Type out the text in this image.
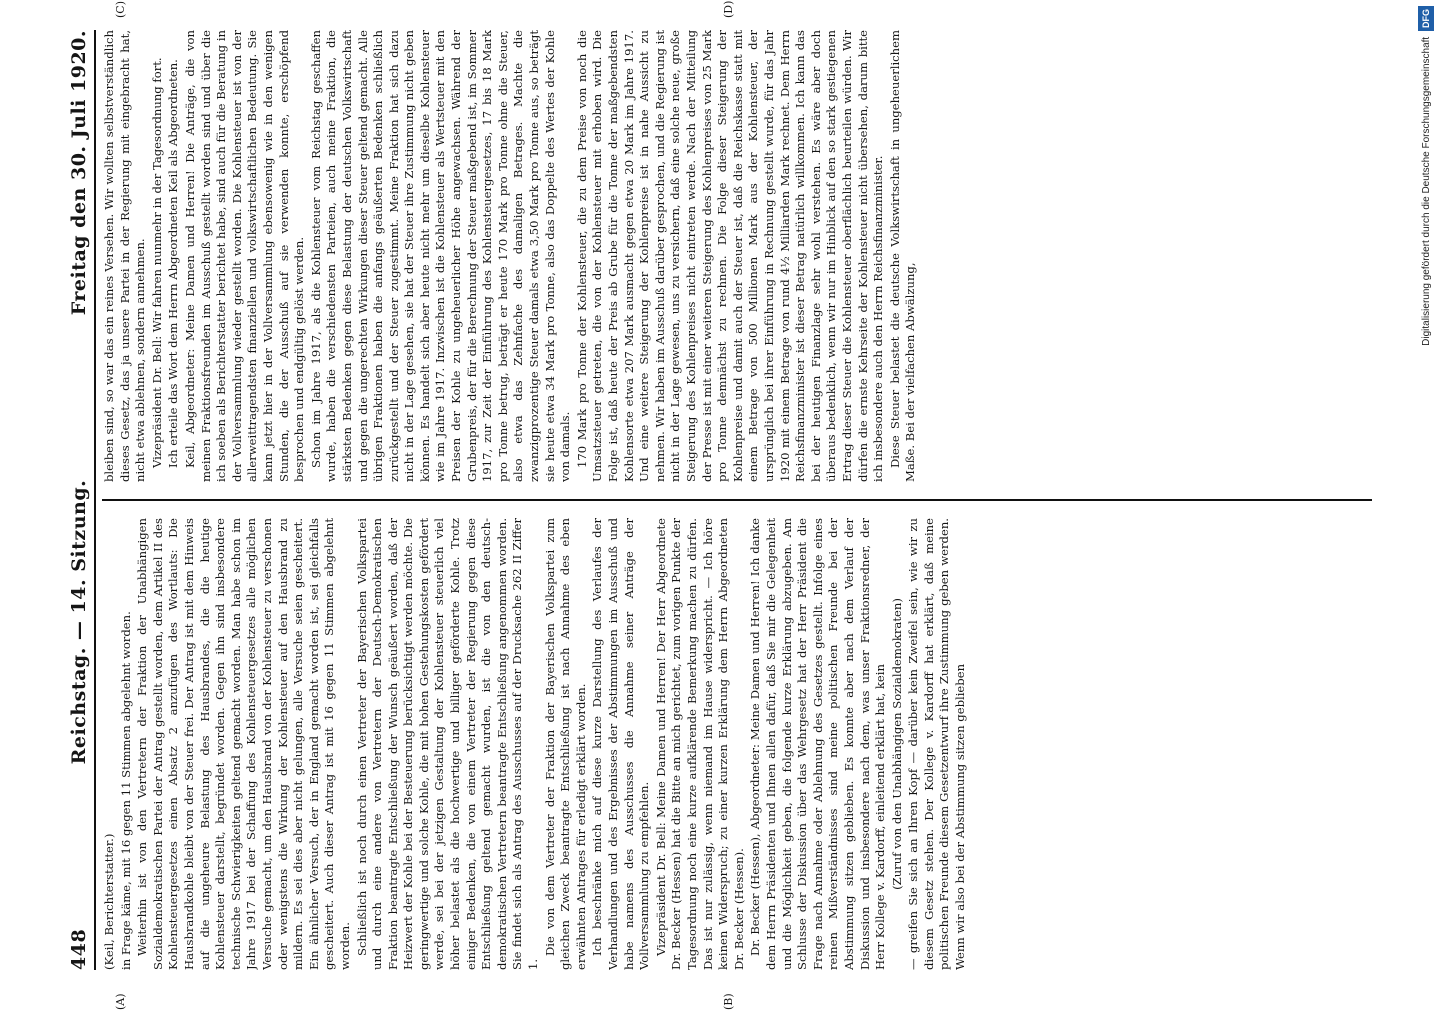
448
Reichstag. — 14. Sitzung.
Freitag den 30. Juli 1920.

(Keil, Berichterstatter.) in Frage käme, mit 16 gegen 11 Stimmen abgelehnt worden. Weiterhin ist von den Vertretern der Fraktion der Unabhängigen Sozialdemokratischen Partei der Antrag gestellt worden, dem Artikel II des Kohlensteuergesetzes einen Absatz 2 anzufügen des Wortlauts: Die Hausbrandkohle bleibt von der Steuer frei. Der Antrag ist mit dem Hinweis auf die ungeheure Belastung des Hausbrandes, die die heutige Kohlensteuer darstellt, begründet worden. Gegen ihn sind insbesondere technische Schwierigkeiten geltend gemacht worden. Man habe schon im Jahre 1917 bei der Schaffung des Kohlensteuergesetzes alle möglichen Versuche gemacht, um den Hausbrand von der Kohlensteuer zu verschonen oder wenigstens die Wirkung der Kohlensteuer auf den Hausbrand zu mildern. Es sei dies aber nicht gelungen, alle Versuche seien gescheitert. Ein ähnlicher Versuch, der in England gemacht worden ist, sei gleichfalls gescheitert. Auch dieser Antrag ist mit 16 gegen 11 Stimmen abgelehnt worden. Schließlich ist noch durch einen Vertreter der Bayerischen Volkspartei und durch eine andere von Vertretern der Deutsch-Demokratischen Fraktion beantragte Entschließung der Wunsch geäußert worden, daß der Heizwert der Kohle bei der Besteuerung berücksichtigt werden möchte. Die geringwertige und solche Kohle, die mit hohen Gestehungskosten gefördert werde, sei bei der jetzigen Gestaltung der Kohlensteuer steuerlich viel höher belastet als die hochwertige und billiger geförderte Kohle. Trotz einiger Bedenken, die von einem Vertreter der Regierung gegen diese Entschließung geltend gemacht wurden, ist die von den deutsch-demokratischen Vertretern beantragte Entschließung angenommen worden. Sie findet sich als Antrag des Ausschusses auf der Drucksache 262 II Ziffer 1.

Die von dem Vertreter der Fraktion der Bayerischen Volkspartei zum gleichen Zweck beantragte Entschließung ist nach Annahme des eben erwähnten Antrages für erledigt erklärt worden. Ich beschränke mich auf diese kurze Darstellung des Verlaufes der Verhandlungen und des Ergebnisses der Abstimmungen im Ausschuß und habe namens des Ausschusses die Annahme seiner Anträge der Vollversammlung zu empfehlen. Vizepräsident Dr. Bell: Meine Damen und Herren! Der Herr Abgeordnete Dr. Becker (Hessen) hat die Bitte an mich gerichtet, zum vorigen Punkte der Tagesordnung noch eine kurze aufklärende Bemerkung machen zu dürfen. Das ist nur zulässig, wenn niemand im Hause widerspricht. — Ich höre keinen Widerspruch; zu einer kurzen Erklärung dem Herrn Abgeordneten Dr. Becker (Hessen). Dr. Becker (Hessen), Abgeordneter: Meine Damen und Herren! Ich danke dem Herrn Präsidenten und Ihnen allen dafür, daß Sie mir die Gelegenheit und die Möglichkeit geben, die folgende kurze Erklärung abzugeben. Am Schlusse der Diskussion über das Wehrgesetz hat der Herr Präsident die Frage nach Annahme oder Ablehnung des Gesetzes gestellt. Infolge eines reinen Mißverständnisses sind meine politischen Freunde bei der Abstimmung sitzen geblieben. Es konnte aber nach dem Verlauf der Diskussion und insbesondere nach dem, was unser Fraktionsredner, der Herr Kollege v. Kardorff, einleitend erklärt hat, kein (Zuruf von den Unabhängigen Sozialdemokraten) — greifen Sie sich an Ihren Kopf — darüber kein Zweifel sein, wie wir zu diesem Gesetz stehen. Der Kollege v. Kardorff hat erklärt, daß meine politischen Freunde diesem Gesetzentwurf ihre Zustimmung geben werden. Wenn wir also bei der Abstimmung sitzen geblieben

bleiben sind, so war das ein reines Versehen. Wir wollten selbstverständlich dieses Gesetz, das ja unsere Partei in der Regierung mit eingebracht hat, nicht etwa ablehnen, sondern annehmen. Vizepräsident Dr. Bell: Wir fahren nunmehr in der Tagesordnung fort. Ich erteile das Wort dem Herrn Abgeordneten Keil als Abgeordneten. Keil, Abgeordneter: Meine Damen und Herren! Die Anträge, die von meinen Fraktionsfreunden im Ausschuß gestellt worden sind und über die ich soeben als Berichterstatter berichtet habe, sind auch für die Beratung in der Vollversammlung wieder gestellt worden. Die Kohlensteuer ist von der allerweittragendsten finanziellen und volkswirtschaftlichen Bedeutung. Sie kann jetzt hier in der Vollversammlung ebensowenig wie in den wenigen Stunden, die der Ausschuß auf sie verwenden konnte, erschöpfend besprochen und endgültig gelöst werden. Schon im Jahre 1917, als die Kohlensteuer vom Reichstag geschaffen wurde, haben die verschiedensten Parteien, auch meine Fraktion, die stärksten Bedenken gegen diese Belastung der deutschen Volkswirtschaft und gegen die ungerechten Wirkungen dieser Steuer geltend gemacht. Alle übrigen Fraktionen haben die anfangs geäußerten Bedenken schließlich zurückgestellt und der Steuer zugestimmt. Meine Fraktion hat sich dazu nicht in der Lage gesehen, sie hat der Steuer ihre Zustimmung nicht geben können. Es handelt sich aber heute nicht mehr um dieselbe Kohlensteuer wie im Jahre 1917. Inzwischen ist die Kohlensteuer als Wertsteuer mit den Preisen der Kohle zu ungeheuerlicher Höhe angewachsen. Während der Grubenpreis, der für die Berechnung der Steuer maßgebend ist, im Sommer 1917, zur Zeit der Einführung des Kohlensteuergesetzes, 17 bis 18 Mark pro Tonne betrug, beträgt er heute 170 Mark pro Tonne ohne die Steuer, also etwa das Zehnfache des damaligen Betrages. Machte die zwanzigprozentige Steuer damals etwa 3,50 Mark pro Tonne aus, so beträgt sie heute etwa 34 Mark pro Tonne, also das Doppelte des Wertes der Kohle von damals. 170 Mark pro Tonne der Kohlensteuer, die zu dem Preise von noch die Umsatzsteuer getreten, die von der Kohlensteuer mit erhoben wird. Die Folge ist, daß heute der Preis ab Grube für die Tonne der maßgebendsten Kohlensorte etwa 207 Mark ausmacht gegen etwa 20 Mark im Jahre 1917. Und eine weitere Steigerung der Kohlenpreise ist in nahe Aussicht zu nehmen. Wir haben im Ausschuß darüber gesprochen, und die Regierung ist nicht in der Lage gewesen, uns zu versichern, daß eine solche neue, große Steigerung des Kohlenpreises nicht eintreten werde. Nach der Mitteilung der Presse ist mit einer weiteren Steigerung des Kohlenpreises von 25 Mark pro Tonne demnächst zu rechnen. Die Folge dieser Steigerung der Kohlenpreise und damit auch der Steuer ist, daß die Reichskasse statt mit einem Betrage von 500 Millionen Mark aus der Kohlensteuer, der ursprünglich bei ihrer Einführung in Rechnung gestellt wurde, für das Jahr 1920 mit einem Betrage von rund 4½ Milliarden Mark rechnet. Dem Herrn Reichsfinanzminister ist dieser Betrag natürlich willkommen. Ich kann das bei der heutigen Finanzlage sehr wohl verstehen. Es wäre aber doch überaus bedenklich, wenn wir nur im Hinblick auf den so stark gestiegenen Ertrag dieser Steuer die Kohlensteuer oberflächlich beurteilen würden. Wir dürfen die ernste Kehrseite der Kohlensteuer nicht übersehen, darum bitte ich insbesondere auch den Herrn Reichsfinanzminister. Diese Steuer belastet die deutsche Volkswirtschaft in ungeheuerlichem Maße. Bei der vielfachen Abwälzung,

(A)	(B)
(C)	(D)
Digitalisierung gefördert durch die Deutsche Forschungsgemeinschaft DFG
